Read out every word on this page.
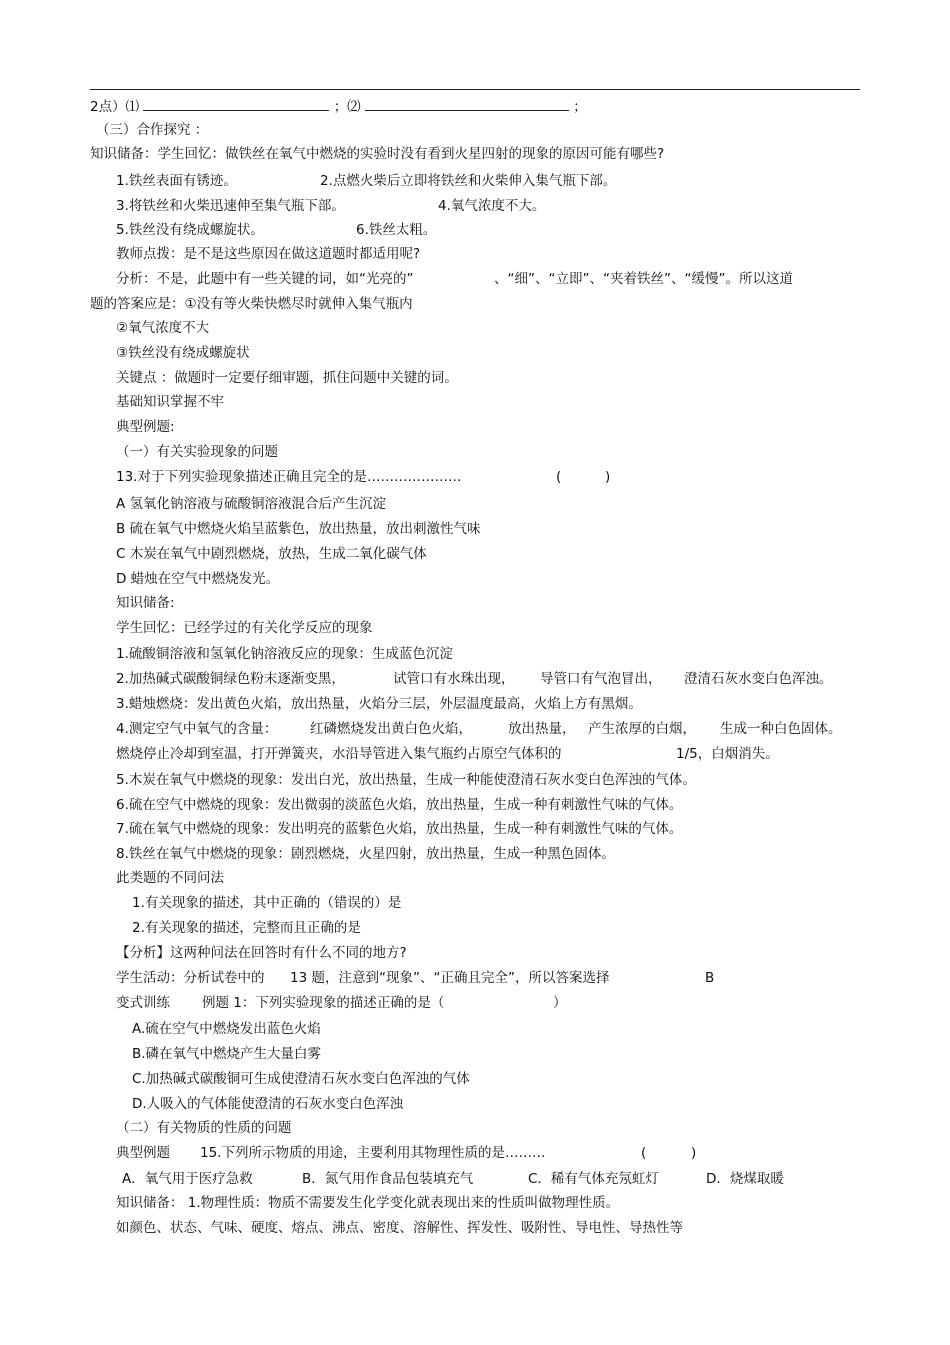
2点）⑴	；⑵	；
（三）合作探究 ：
知识储备：学生回忆：做铁丝在氧气中燃烧的实验时没有看到火星四射的现象的原因可能有哪些?
1.铁丝表面有锈迹。	2.点燃火柴后立即将铁丝和火柴伸入集气瓶下部。
3.将铁丝和火柴迅速伸至集气瓶下部。	4.氧气浓度不大。
5.铁丝没有绕成螺旋状。	6.铁丝太粗。
教师点拨：是不是这些原因在做这道题时都适用呢?
分析：不是，此题中有一些关键的词，如“光亮的”	、“细”、“立即”、“夹着铁丝”、“缓慢”。所以这道
题的答案应是：①没有等火柴快燃尽时就伸入集气瓶内
②氧气浓度不大
③铁丝没有绕成螺旋状
关键点 ：做题时一定要仔细审题，抓住问题中关键的词。
基础知识掌握不牢
典型例题:
（一）有关实验现象的问题
13.对于下列实验现象描述正确且完全的是…………………	(	)
A 氢氧化钠溶液与硫酸铜溶液混合后产生沉淀
B 硫在氧气中燃烧火焰呈蓝紫色，放出热量，放出刺激性气味
C 木炭在氧气中剧烈燃烧，放热，生成二氧化碳气体
D 蜡烛在空气中燃烧发光。
知识储备:
学生回忆：已经学过的有关化学反应的现象
1.硫酸铜溶液和氢氧化钠溶液反应的现象：生成蓝色沉淀
2.加热碱式碳酸铜绿色粉末逐渐变黑，	试管口有水珠出现， 导管口有气泡冒出， 澄清石灰水变白色浑浊。
3.蜡烛燃烧：发出黄色火焰，放出热量，火焰分三层，外层温度最高，火焰上方有黑烟。
4.测定空气中氧气的含量： 红磷燃烧发出黄白色火焰，	放出热量， 产生浓厚的白烟， 生成一种白色固体。
燃烧停止冷却到室温，打开弹簧夹，水沿导管进入集气瓶约占原空气体积的	1/5，白烟消失。
5.木炭在氧气中燃烧的现象：发出白光，放出热量，生成一种能使澄清石灰水变白色浑浊的气体。
6.硫在空气中燃烧的现象：发出微弱的淡蓝色火焰，放出热量，生成一种有刺激性气味的气体。
7.硫在氧气中燃烧的现象：发出明亮的蓝紫色火焰，放出热量，生成一种有刺激性气味的气体。
8.铁丝在氧气中燃烧的现象：剧烈燃烧，火星四射，放出热量，生成一种黑色固体。
此类题的不同问法
1.有关现象的描述，其中正确的（错误的）是
2.有关现象的描述，完整而且正确的是
【分析】这两种问法在回答时有什么不同的地方?
学生活动：分析试卷中的 13 题，注意到“现象”、“正确且完全”，所以答案选择	B
变式训练 例题 1：下列实验现象的描述正确的是（	）
A.硫在空气中燃烧发出蓝色火焰
B.磷在氧气中燃烧产生大量白雾
C.加热碱式碳酸铜可生成使澄清石灰水变白色浑浊的气体
D.人吸入的气体能使澄清的石灰水变白色浑浊
（二）有关物质的性质的问题
典型例题 15.下列所示物质的用途，主要利用其物理性质的是………	(	)
A．氧气用于医疗急救	B．氮气用作食品包装填充气	C．稀有气体充氖虹灯	D．烧煤取暖
知识储备： 1.物理性质：物质不需要发生化学变化就表现出来的性质叫做物理性质。
如颜色、状态、气味、硬度、熔点、沸点、密度、溶解性、挥发性、吸附性、导电性、导热性等
